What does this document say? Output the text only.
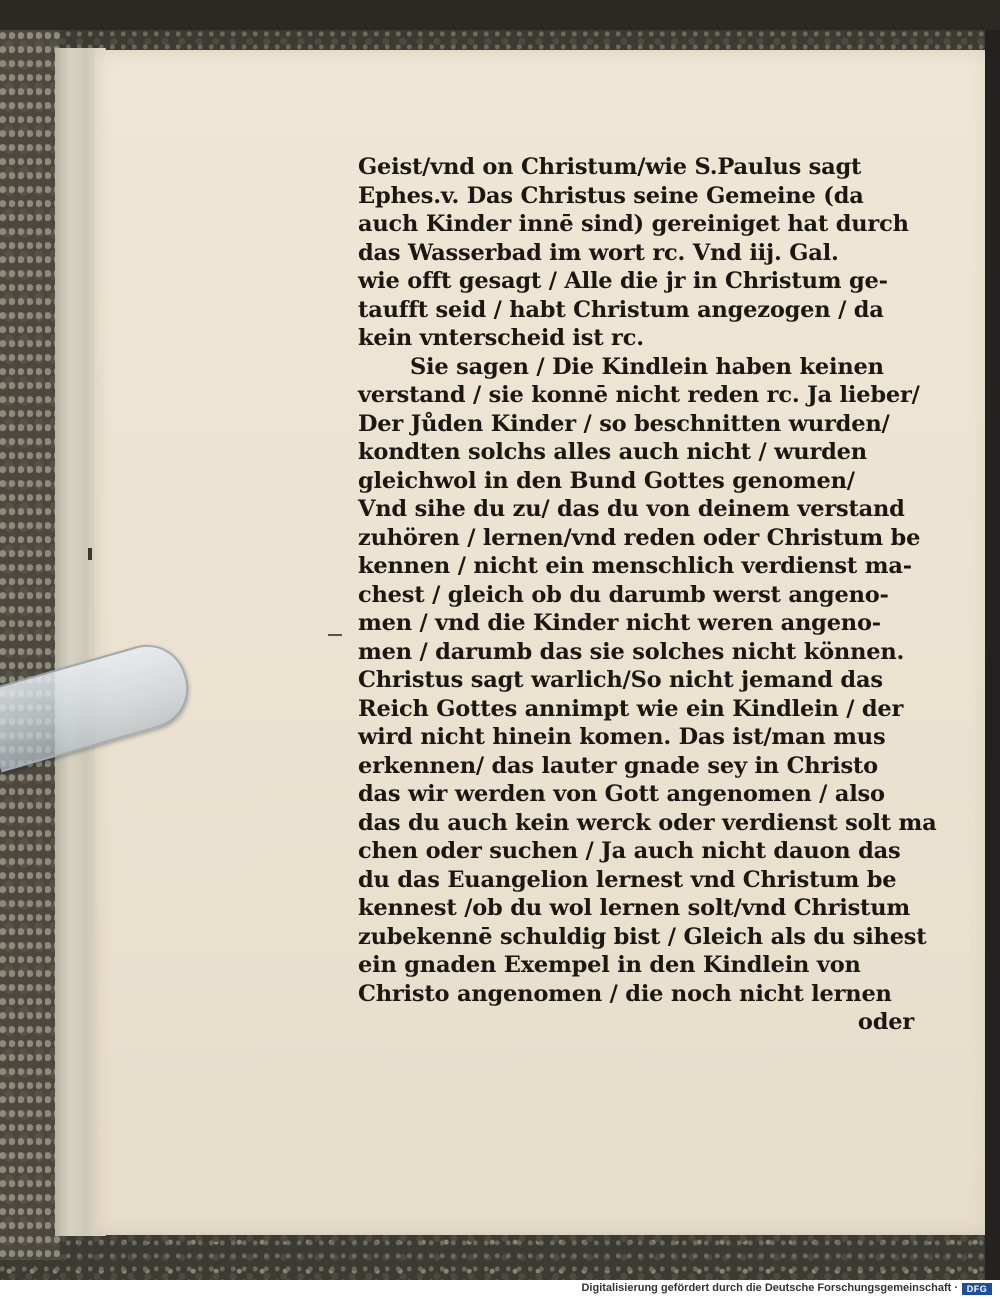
Geist/vnd on Christum/wie S.Paulus sagt
Ephes.v. Das Christus seine Gemeine (da
auch Kinder innē sind) gereiniget hat durch
das Wasserbad im wort rc. Vnd iij. Gal.
wie offt gesagt / Alle die jr in Christum ge-
taufft seid / habt Christum angezogen / da
kein vnterscheid ist rc.
Sie sagen / Die Kindlein haben keinen
verstand / sie konnē nicht reden rc. Ja lieber/
Der Jůden Kinder / so beschnitten wurden/
kondten solchs alles auch nicht / wurden
gleichwol in den Bund Gottes genomen/
Vnd sihe du zu/ das du von deinem verstand
zuhören / lernen/vnd reden oder Christum be
kennen / nicht ein menschlich verdienst ma-
chest / gleich ob du darumb werst angeno-
men / vnd die Kinder nicht weren angeno-
men / darumb das sie solches nicht können.
Christus sagt warlich/So nicht jemand das
Reich Gottes annimpt wie ein Kindlein / der
wird nicht hinein komen. Das ist/man mus
erkennen/ das lauter gnade sey in Christo
das wir werden von Gott angenomen / also
das du auch kein werck oder verdienst solt ma
chen oder suchen / Ja auch nicht dauon das
du das Euangelion lernest vnd Christum be
kennest /ob du wol lernen solt/vnd Christum
zubekennē schuldig bist / Gleich als du sihest
ein gnaden Exempel in den Kindlein von
Christo angenomen / die noch nicht lernen
oder
Digitalisierung gefördert durch die Deutsche Forschungsgemeinschaft · DFG
